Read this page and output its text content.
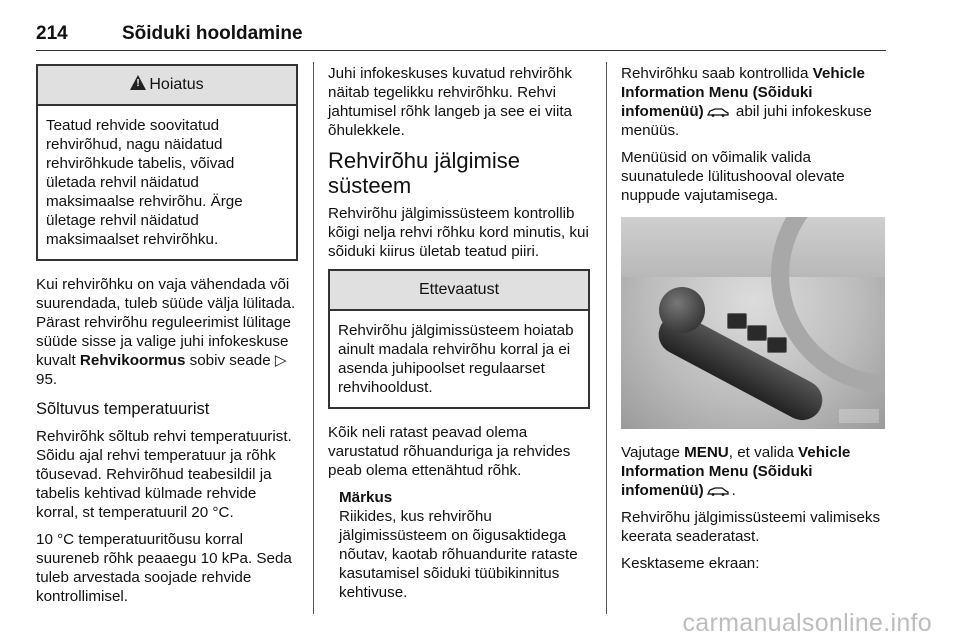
214	Sõiduki hooldamine
!Hoiatus
Teatud rehvide soovitatud rehvirõhud, nagu näidatud rehvirõhkude tabelis, võivad ületada rehvil näidatud maksimaalse rehvirõhu. Ärge ületage rehvil näidatud maksimaalset rehvirõhku.

Kui rehvirõhku on vaja vähendada või suurendada, tuleb süüde välja lülitada. Pärast rehvirõhu reguleerimist lülitage süüde sisse ja valige juhi infokeskuse kuvalt Rehvikoormus sobiv seade ▷ 95.

Sõltuvus temperatuurist

Rehvirõhk sõltub rehvi temperatuurist. Sõidu ajal rehvi temperatuur ja rõhk tõusevad. Rehvirõhud teabesildil ja tabelis kehtivad külmade rehvide korral, st temperatuuril 20 °C.

10 °C temperatuuritõusu korral suureneb rõhk peaaegu 10 kPa. Seda tuleb arvestada soojade rehvide kontrollimisel.

Juhi infokeskuses kuvatud rehvirõhk näitab tegelikku rehvirõhku. Rehvi jahtumisel rõhk langeb ja see ei viita õhulekkele.

Rehvirõhu jälgimise süsteem

Rehvirõhu jälgimissüsteem kontrollib kõigi nelja rehvi rõhku kord minutis, kui sõiduki kiirus ületab teatud piiri.

Ettevaatust
Rehvirõhu jälgimissüsteem hoiatab ainult madala rehvirõhu korral ja ei asenda juhipoolset regulaarset rehvihooldust.

Kõik neli ratast peavad olema varustatud rõhuanduriga ja rehvides peab olema ettenähtud rõhk.

Märkus
Riikides, kus rehvirõhu jälgimissüsteem on õigusaktidega nõutav, kaotab rõhuandurite rataste kasutamisel sõiduki tüübikinnitus kehtivuse.

Rehvirõhku saab kontrollida Vehicle Information Menu (Sõiduki infomenüü) abil juhi infokeskuse menüüs.

Menüüsid on võimalik valida suunatulede lülitushooval olevate nuppude vajutamisega.

Vajutage MENU, et valida Vehicle Information Menu (Sõiduki infomenüü) .

Rehvirõhu jälgimissüsteemi valimiseks keerata seaderatast.

Kesktaseme ekraan:

carmanualsonline.info
